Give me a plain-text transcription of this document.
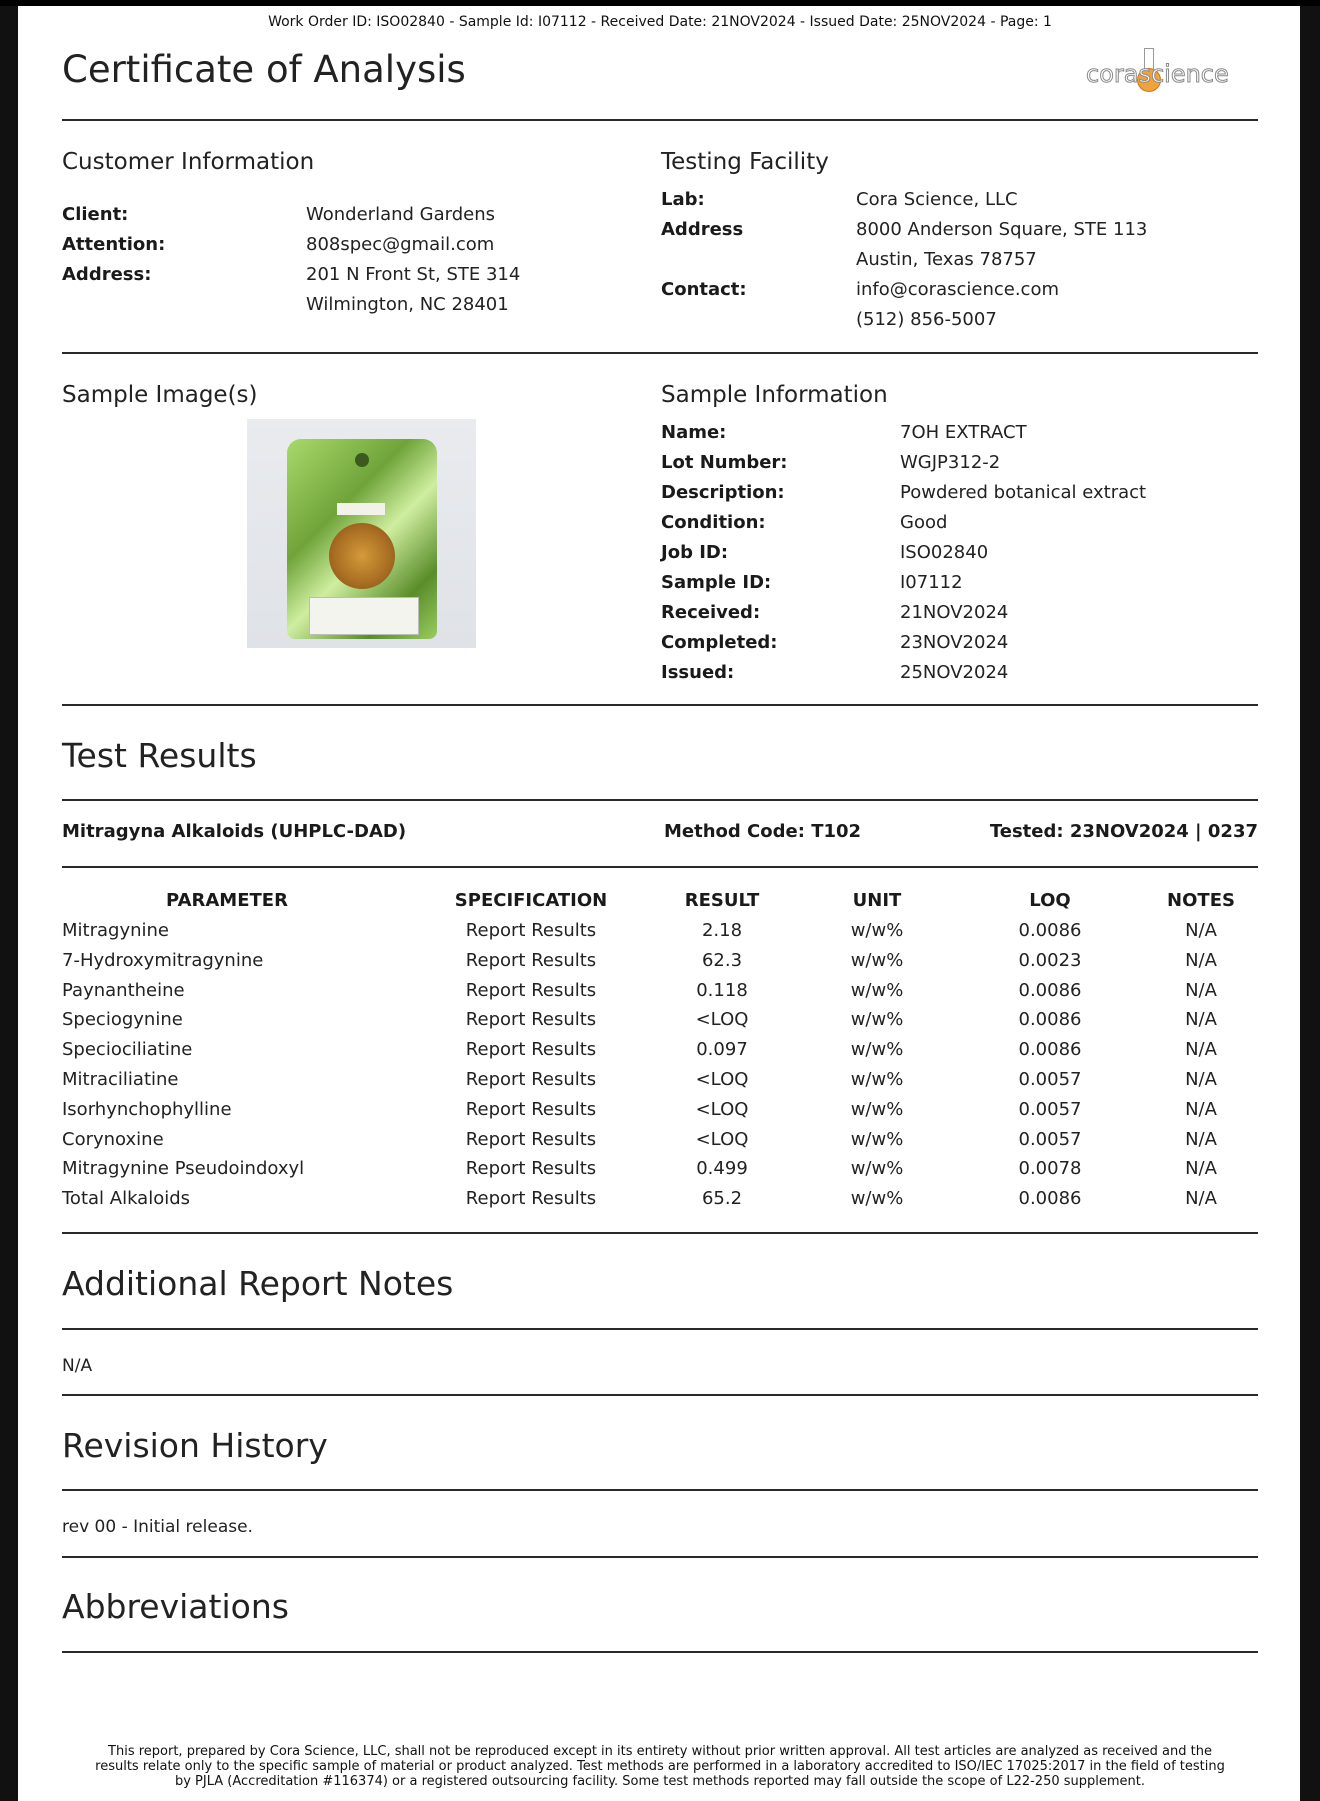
Work Order ID: ISO02840 - Sample Id: I07112 - Received Date: 21NOV2024 - Issued Date: 25NOV2024 - Page: 1
Certificate of Analysis	corascience
Customer Information
Client:	Wonderland Gardens
Attention:	808spec@gmail.com
Address:	201 N Front St, STE 314
Wilmington, NC 28401
Testing Facility
Lab:	Cora Science, LLC
Address	8000 Anderson Square, STE 113
Austin, Texas 78757
Contact:	info@corascience.com
(512) 856-5007
Sample Image(s)	Sample Information
Name:	7OH EXTRACT
Lot Number:	WGJP312-2
Description:	Powdered botanical extract
Condition:	Good
Job ID:	ISO02840
Sample ID:	I07112
Received:	21NOV2024
Completed:	23NOV2024
Issued:	25NOV2024
Test Results
Mitragyna Alkaloids (UHPLC-DAD)	Method Code: T102	Tested: 23NOV2024 | 0237
PARAMETER	SPECIFICATION	RESULT	UNIT	LOQ	NOTES
Mitragynine	Report Results	2.18	w/w%	0.0086	N/A
7-Hydroxymitragynine	Report Results	62.3	w/w%	0.0023	N/A
Paynantheine	Report Results	0.118	w/w%	0.0086	N/A
Speciogynine	Report Results	<LOQ	w/w%	0.0086	N/A
Speciociliatine	Report Results	0.097	w/w%	0.0086	N/A
Mitraciliatine	Report Results	<LOQ	w/w%	0.0057	N/A
Isorhynchophylline	Report Results	<LOQ	w/w%	0.0057	N/A
Corynoxine	Report Results	<LOQ	w/w%	0.0057	N/A
Mitragynine Pseudoindoxyl	Report Results	0.499	w/w%	0.0078	N/A
Total Alkaloids	Report Results	65.2	w/w%	0.0086	N/A
Additional Report Notes
N/A
Revision History
rev 00 - Initial release.
Abbreviations
This report, prepared by Cora Science, LLC, shall not be reproduced except in its entirety without prior written approval. All test articles are analyzed as received and the
results relate only to the specific sample of material or product analyzed. Test methods are performed in a laboratory accredited to ISO/IEC 17025:2017 in the field of testing
by PJLA (Accreditation #116374) or a registered outsourcing facility. Some test methods reported may fall outside the scope of L22-250 supplement.
